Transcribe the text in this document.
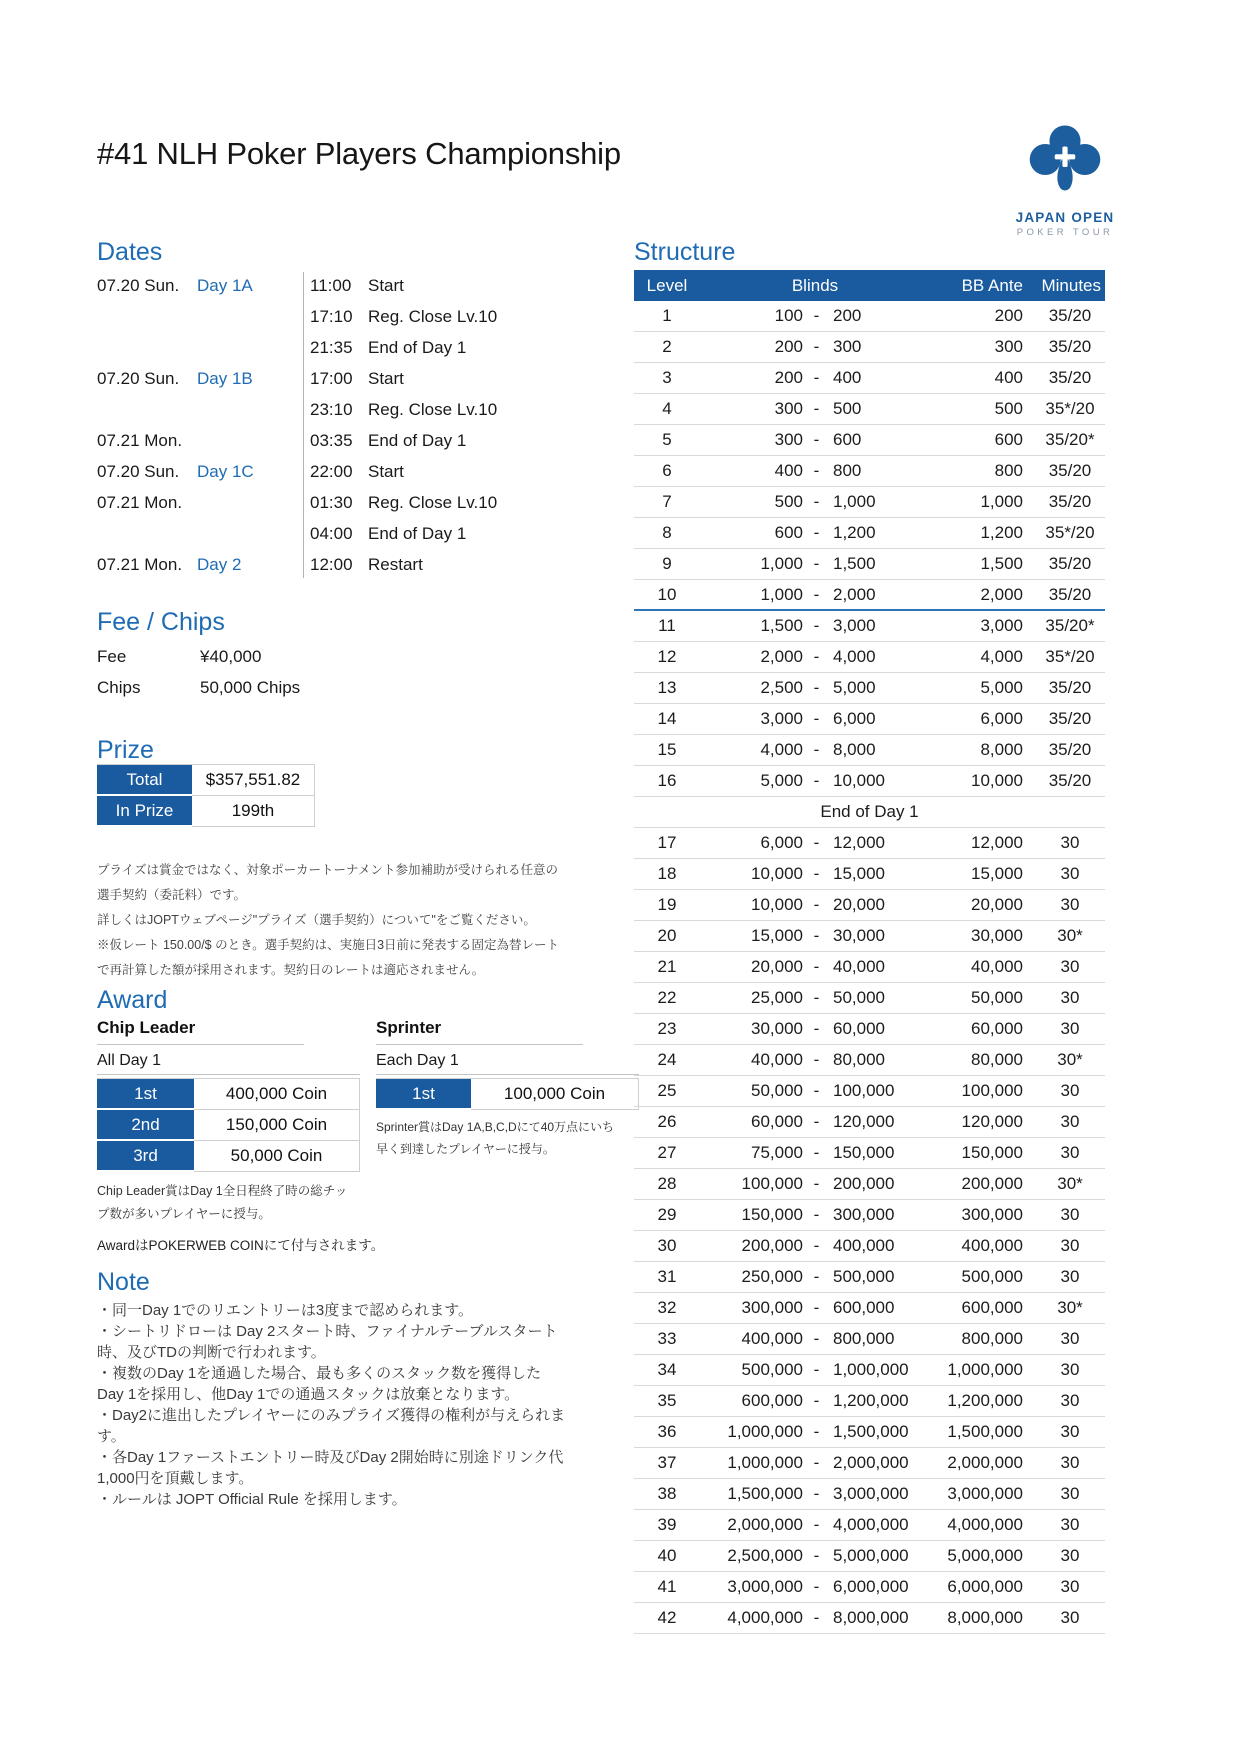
#41 NLH Poker Players Championship
JAPAN OPEN
POKER TOUR
Dates
07.20 Sun.	Day 1A	11:00 Start
17:10 Reg. Close Lv.10
21:35 End of Day 1
07.20 Sun.	Day 1B	17:00 Start
23:10 Reg. Close Lv.10
07.21 Mon.	03:35 End of Day 1
07.20 Sun.	Day 1C	22:00 Start
07.21 Mon.	01:30 Reg. Close Lv.10
04:00 End of Day 1
07.21 Mon. Day 2	12:00 Restart
Fee / Chips
Fee	¥40,000
Chips	50,000 Chips
Prize
Total	$357,551.82
In Prize	199th
プライズは賞金ではなく、対象ポーカートーナメント参加補助が受けられる任意の選手契約（委託料）です。
詳しくはJOPTウェブページ"プライズ（選手契約）について"をご覧ください。
※仮レート 150.00/$ のとき。選手契約は、実施日3日前に発表する固定為替レートで再計算した額が採用されます。契約日のレートは適応されません。
Award
Chip Leader
All Day 1
1st	400,000 Coin
2nd	150,000 Coin
3rd	50,000 Coin
Chip Leader賞はDay 1全日程終了時の総チップ数が多いプレイヤーに授与。
Sprinter
Each Day 1
1st	100,000 Coin
Sprinter賞はDay 1A,B,C,Dにて40万点にいち早く到達したプレイヤーに授与。
AwardはPOKERWEB COINにて付与されます。
Note
・同一Day 1でのリエントリーは3度まで認められます。
・シートリドローは Day 2スタート時、ファイナルテーブルスタート時、及びTDの判断で行われます。
・複数のDay 1を通過した場合、最も多くのスタック数を獲得したDay 1を採用し、他Day 1での通過スタックは放棄となります。
・Day2に進出したプレイヤーにのみプライズ獲得の権利が与えられます。
・各Day 1ファーストエントリー時及びDay 2開始時に別途ドリンク代1,000円を頂戴します。
・ルールは JOPT Official Rule を採用します。
Structure
Level	Blinds	BB Ante	Minutes
1	100 - 200	200	35/20
2	200 - 300	300	35/20
3	200 - 400	400	35/20
4	300 - 500	500	35*/20
5	300 - 600	600	35/20*
6	400 - 800	800	35/20
7	500 - 1,000	1,000	35/20
8	600 - 1,200	1,200	35*/20
9	1,000 - 1,500	1,500	35/20
10	1,000 - 2,000	2,000	35/20
11	1,500 - 3,000	3,000	35/20*
12	2,000 - 4,000	4,000	35*/20
13	2,500 - 5,000	5,000	35/20
14	3,000 - 6,000	6,000	35/20
15	4,000 - 8,000	8,000	35/20
16	5,000 - 10,000	10,000	35/20
End of Day 1
17	6,000 - 12,000	12,000	30
18	10,000 - 15,000	15,000	30
19	10,000 - 20,000	20,000	30
20	15,000 - 30,000	30,000	30*
21	20,000 - 40,000	40,000	30
22	25,000 - 50,000	50,000	30
23	30,000 - 60,000	60,000	30
24	40,000 - 80,000	80,000	30*
25	50,000 - 100,000	100,000	30
26	60,000 - 120,000	120,000	30
27	75,000 - 150,000	150,000	30
28	100,000 - 200,000	200,000	30*
29	150,000 - 300,000	300,000	30
30	200,000 - 400,000	400,000	30
31	250,000 - 500,000	500,000	30
32	300,000 - 600,000	600,000	30*
33	400,000 - 800,000	800,000	30
34	500,000 - 1,000,000	1,000,000	30
35	600,000 - 1,200,000	1,200,000	30
36	1,000,000 - 1,500,000	1,500,000	30
37	1,000,000 - 2,000,000	2,000,000	30
38	1,500,000 - 3,000,000	3,000,000	30
39	2,000,000 - 4,000,000	4,000,000	30
40	2,500,000 - 5,000,000	5,000,000	30
41	3,000,000 - 6,000,000	6,000,000	30
42	4,000,000 - 8,000,000	8,000,000	30
